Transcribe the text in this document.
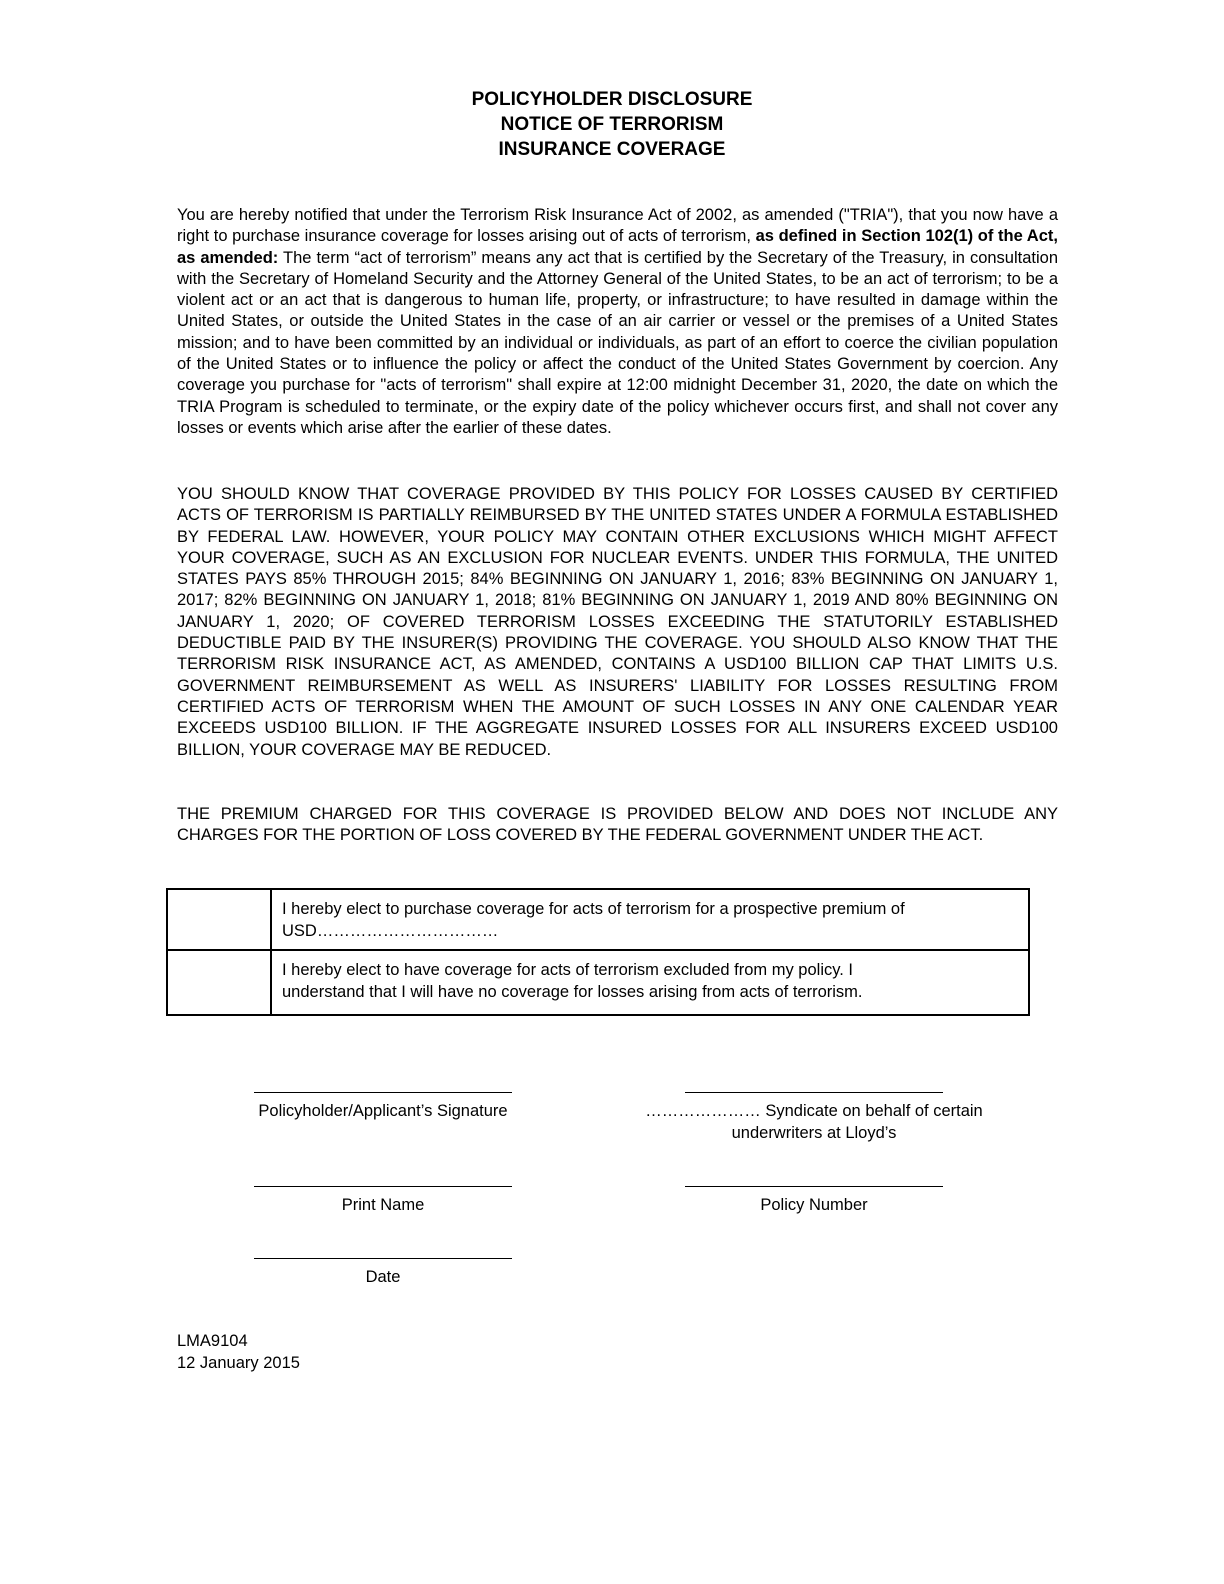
POLICYHOLDER DISCLOSURE
NOTICE OF TERRORISM
INSURANCE COVERAGE
You are hereby notified that under the Terrorism Risk Insurance Act of 2002, as amended ("TRIA"), that you now have a right to purchase insurance coverage for losses arising out of acts of terrorism, as defined in Section 102(1) of the Act, as amended: The term “act of terrorism” means any act that is certified by the Secretary of the Treasury, in consultation with the Secretary of Homeland Security and the Attorney General of the United States, to be an act of terrorism; to be a violent act or an act that is dangerous to human life, property, or infrastructure; to have resulted in damage within the United States, or outside the United States in the case of an air carrier or vessel or the premises of a United States mission; and to have been committed by an individual or individuals, as part of an effort to coerce the civilian population of the United States or to influence the policy or affect the conduct of the United States Government by coercion. Any coverage you purchase for "acts of terrorism" shall expire at 12:00 midnight December 31, 2020, the date on which the TRIA Program is scheduled to terminate, or the expiry date of the policy whichever occurs first, and shall not cover any losses or events which arise after the earlier of these dates.
YOU SHOULD KNOW THAT COVERAGE PROVIDED BY THIS POLICY FOR LOSSES CAUSED BY CERTIFIED ACTS OF TERRORISM IS PARTIALLY REIMBURSED BY THE UNITED STATES UNDER A FORMULA ESTABLISHED BY FEDERAL LAW. HOWEVER, YOUR POLICY MAY CONTAIN OTHER EXCLUSIONS WHICH MIGHT AFFECT YOUR COVERAGE, SUCH AS AN EXCLUSION FOR NUCLEAR EVENTS. UNDER THIS FORMULA, THE UNITED STATES PAYS 85% THROUGH 2015; 84% BEGINNING ON JANUARY 1, 2016; 83% BEGINNING ON JANUARY 1, 2017; 82% BEGINNING ON JANUARY 1, 2018; 81% BEGINNING ON JANUARY 1, 2019 AND 80% BEGINNING ON JANUARY 1, 2020; OF COVERED TERRORISM LOSSES EXCEEDING THE STATUTORILY ESTABLISHED DEDUCTIBLE PAID BY THE INSURER(S) PROVIDING THE COVERAGE. YOU SHOULD ALSO KNOW THAT THE TERRORISM RISK INSURANCE ACT, AS AMENDED, CONTAINS A USD100 BILLION CAP THAT LIMITS U.S. GOVERNMENT REIMBURSEMENT AS WELL AS INSURERS' LIABILITY FOR LOSSES RESULTING FROM CERTIFIED ACTS OF TERRORISM WHEN THE AMOUNT OF SUCH LOSSES IN ANY ONE CALENDAR YEAR EXCEEDS USD100 BILLION. IF THE AGGREGATE INSURED LOSSES FOR ALL INSURERS EXCEED USD100 BILLION, YOUR COVERAGE MAY BE REDUCED.
THE PREMIUM CHARGED FOR THIS COVERAGE IS PROVIDED BELOW AND DOES NOT INCLUDE ANY CHARGES FOR THE PORTION OF LOSS COVERED BY THE FEDERAL GOVERNMENT UNDER THE ACT.

	I hereby elect to purchase coverage for acts of terrorism for a prospective premium of
USD……………………………

	I hereby elect to have coverage for acts of terrorism excluded from my policy. I
understand that I will have no coverage for losses arising from acts of terrorism.
Policyholder/Applicant’s Signature	………………… Syndicate on behalf of certain
underwriters at Lloyd’s
Print Name	Policy Number
Date
LMA9104
12 January 2015
